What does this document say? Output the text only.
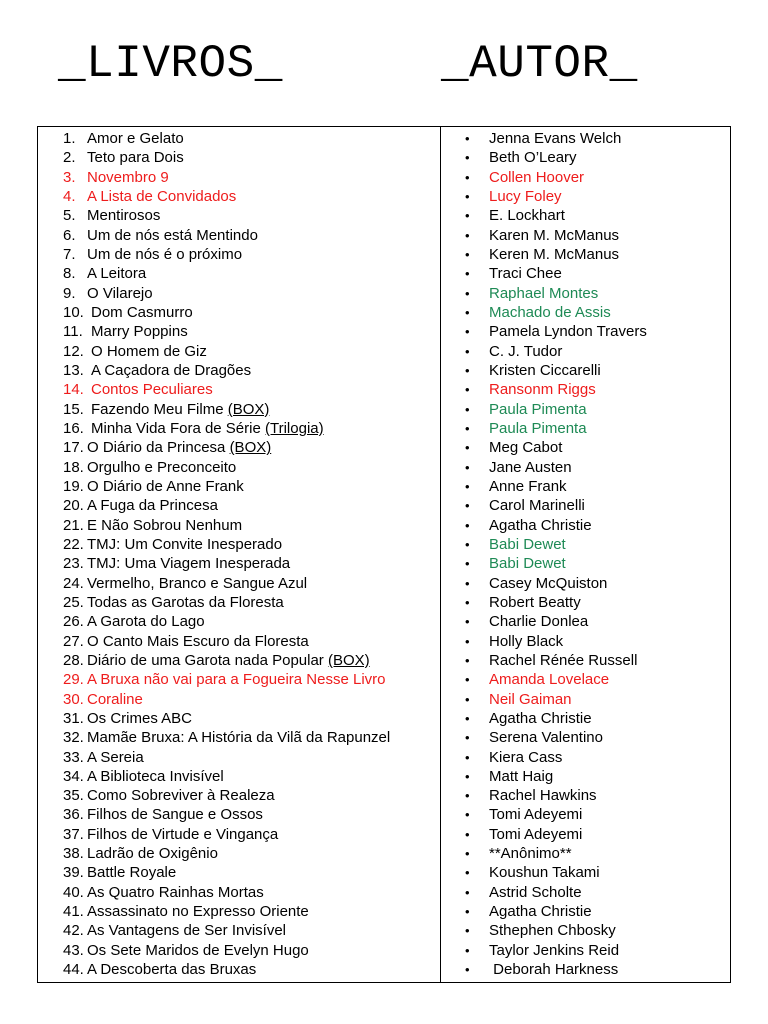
_LIVROS_	_AUTOR_
1. Amor e Gelato
2. Teto para Dois
3. Novembro 9
4. A Lista de Convidados
5. Mentirosos
6. Um de nós está Mentindo
7. Um de nós é o próximo
8. A Leitora
9. O Vilarejo
10. Dom Casmurro
11. Marry Poppins
12. O Homem de Giz
13. A Caçadora de Dragões
14. Contos Peculiares
15. Fazendo Meu Filme (BOX)
16. Minha Vida Fora de Série (Trilogia)
17. O Diário da Princesa (BOX)
18. Orgulho e Preconceito
19. O Diário de Anne Frank
20. A Fuga da Princesa
21. E Não Sobrou Nenhum
22. TMJ: Um Convite Inesperado
23. TMJ: Uma Viagem Inesperada
24. Vermelho, Branco e Sangue Azul
25. Todas as Garotas da Floresta
26. A Garota do Lago
27. O Canto Mais Escuro da Floresta
28. Diário de uma Garota nada Popular (BOX)
29. A Bruxa não vai para a Fogueira Nesse Livro
30. Coraline
31. Os Crimes ABC
32. Mamãe Bruxa: A História da Vilã da Rapunzel
33. A Sereia
34. A Biblioteca Invisível
35. Como Sobreviver à Realeza
36. Filhos de Sangue e Ossos
37. Filhos de Virtude e Vingança
38. Ladrão de Oxigênio
39. Battle Royale
40. As Quatro Rainhas Mortas
41. Assassinato no Expresso Oriente
42. As Vantagens de Ser Invisível
43. Os Sete Maridos de Evelyn Hugo
44. A Descoberta das Bruxas
• Jenna Evans Welch
• Beth O’Leary
• Collen Hoover
• Lucy Foley
• E. Lockhart
• Karen M. McManus
• Keren M. McManus
• Traci Chee
• Raphael Montes
• Machado de Assis
• Pamela Lyndon Travers
• C. J. Tudor
• Kristen Ciccarelli
• Ransonm Riggs
• Paula Pimenta
• Paula Pimenta
• Meg Cabot
• Jane Austen
• Anne Frank
• Carol Marinelli
• Agatha Christie
• Babi Dewet
• Babi Dewet
• Casey McQuiston
• Robert Beatty
• Charlie Donlea
• Holly Black
• Rachel Rénée Russell
• Amanda Lovelace
• Neil Gaiman
• Agatha Christie
• Serena Valentino
• Kiera Cass
• Matt Haig
• Rachel Hawkins
• Tomi Adeyemi
• Tomi Adeyemi
• **Anônimo**
• Koushun Takami
• Astrid Scholte
• Agatha Christie
• Sthephen Chbosky
• Taylor Jenkins Reid
• Deborah Harkness
